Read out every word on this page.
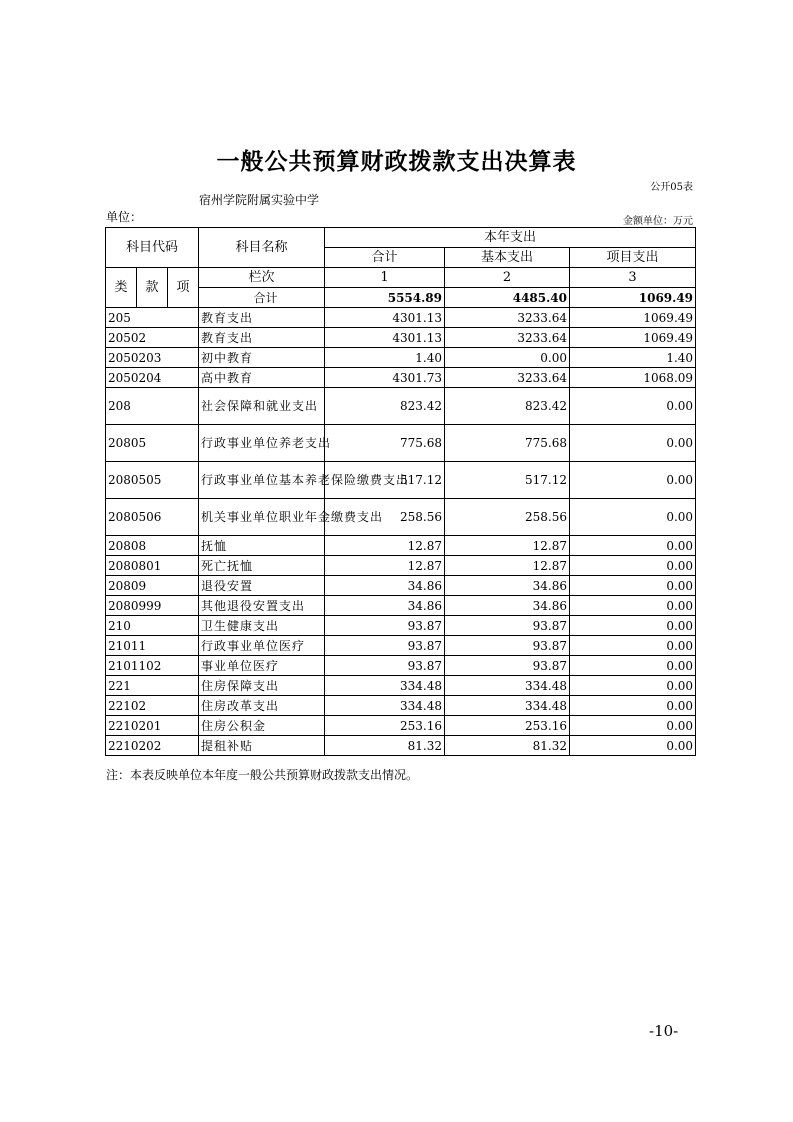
一般公共预算财政拨款支出决算表
公开05表
单位：
宿州学院附属实验中学
金额单位：万元
科目代码			科目名称	本年支出		
				合计	基本支出	项目支出
类	款	项	栏次	1	2	3
			合计	5554.89	4485.40	1069.49
205			教育支出	4301.13	3233.64	1069.49
20502			教育支出	4301.13	3233.64	1069.49
2050203			初中教育	1.40	0.00	1.40
2050204			高中教育	4301.73	3233.64	1068.09
208			社会保障和就业支出	823.42	823.42	0.00
20805			行政事业单位养老支出	775.68	775.68	0.00
2080505			行政事业单位基本养老保险缴费支出	517.12	517.12	0.00
2080506			机关事业单位职业年金缴费支出	258.56	258.56	0.00
20808			抚恤	12.87	12.87	0.00
2080801			死亡抚恤	12.87	12.87	0.00
20809			退役安置	34.86	34.86	0.00
2080999			其他退役安置支出	34.86	34.86	0.00
210			卫生健康支出	93.87	93.87	0.00
21011			行政事业单位医疗	93.87	93.87	0.00
2101102			事业单位医疗	93.87	93.87	0.00
221			住房保障支出	334.48	334.48	0.00
22102			住房改革支出	334.48	334.48	0.00
2210201			住房公积金	253.16	253.16	0.00
2210202			提租补贴	81.32	81.32	0.00
注：本表反映单位本年度一般公共预算财政拨款支出情况。
-10-
